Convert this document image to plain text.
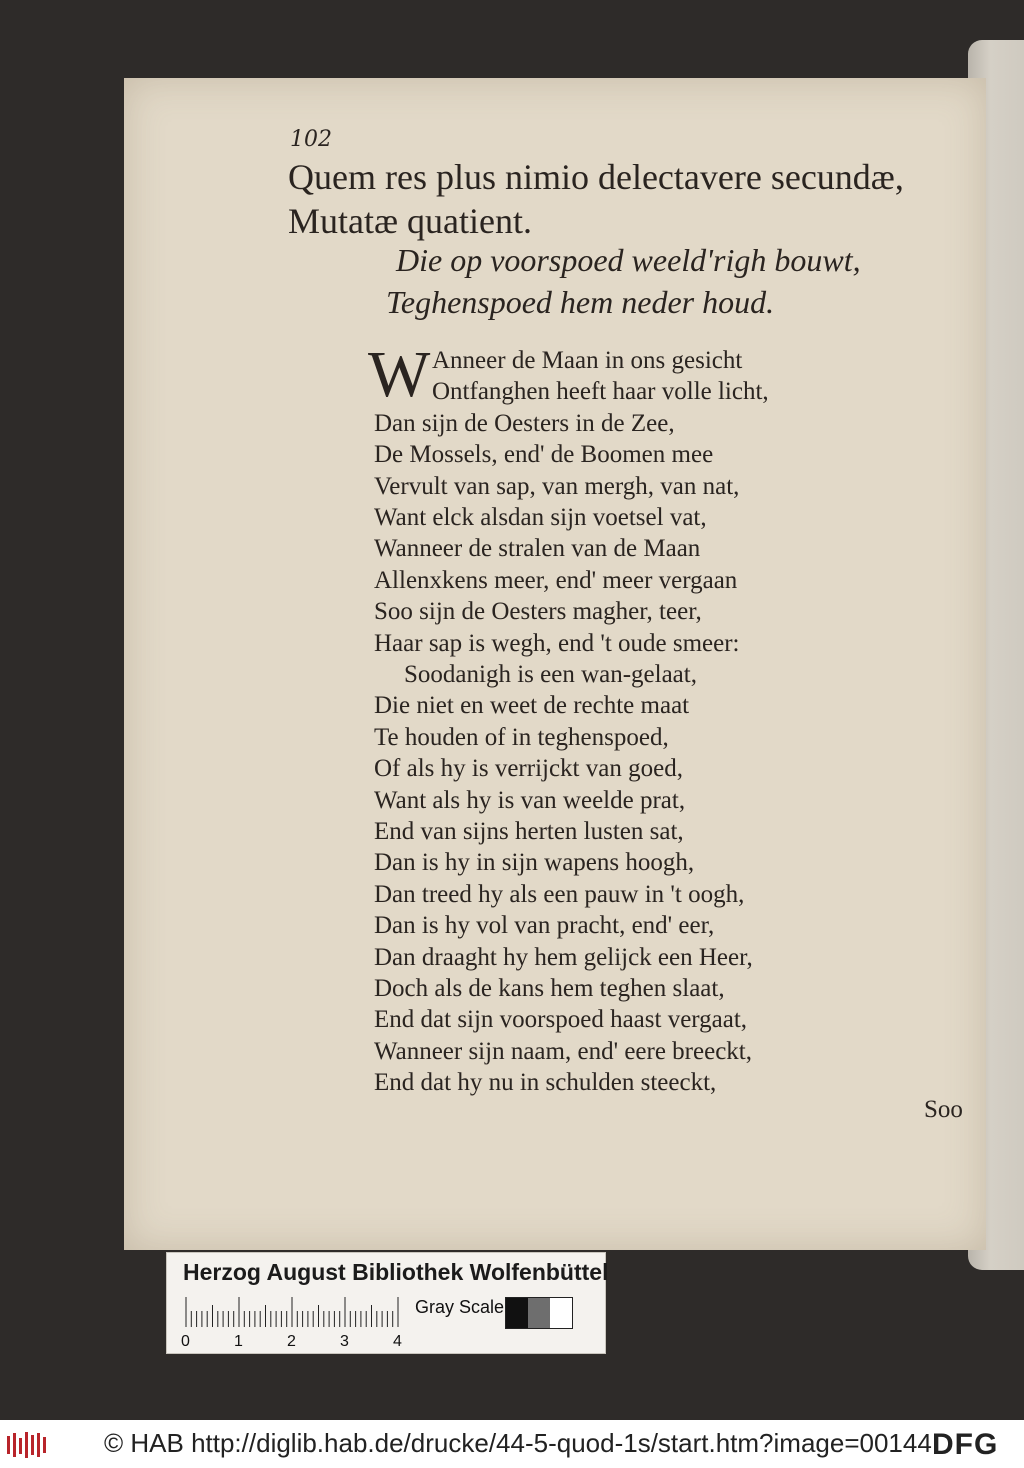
102
Quem res plus nimio delectavere secundæ,
Mutatæ quatient.
Die op voorspoed weeld'righ bouwt,
Teghenspoed hem neder houd.
W Anneer de Maan in ons gesicht
Ontfanghen heeft haar volle licht,
Dan sijn de Oesters in de Zee,
De Mossels, end' de Boomen mee
Vervult van sap, van mergh, van nat,
Want elck alsdan sijn voetsel vat,
Wanneer de stralen van de Maan
Allenxkens meer, end' meer vergaan
Soo sijn de Oesters magher, teer,
Haar sap is wegh, end 't oude smeer:
Soodanigh is een wan-gelaat,
Die niet en weet de rechte maat
Te houden of in teghenspoed,
Of als hy is verrijckt van goed,
Want als hy is van weelde prat,
End van sijns herten lusten sat,
Dan is hy in sijn wapens hoogh,
Dan treed hy als een pauw in 't oogh,
Dan is hy vol van pracht, end' eer,
Dan draaght hy hem gelijck een Heer,
Doch als de kans hem teghen slaat,
End dat sijn voorspoed haast vergaat,
Wanneer sijn naam, end' eere breeckt,
End dat hy nu in schulden steeckt,
Soo
Herzog August Bibliothek Wolfenbüttel
0	1	2	3	4
Gray Scale
© HAB http://diglib.hab.de/drucke/44-5-quod-1s/start.htm?image=00144 DFG
